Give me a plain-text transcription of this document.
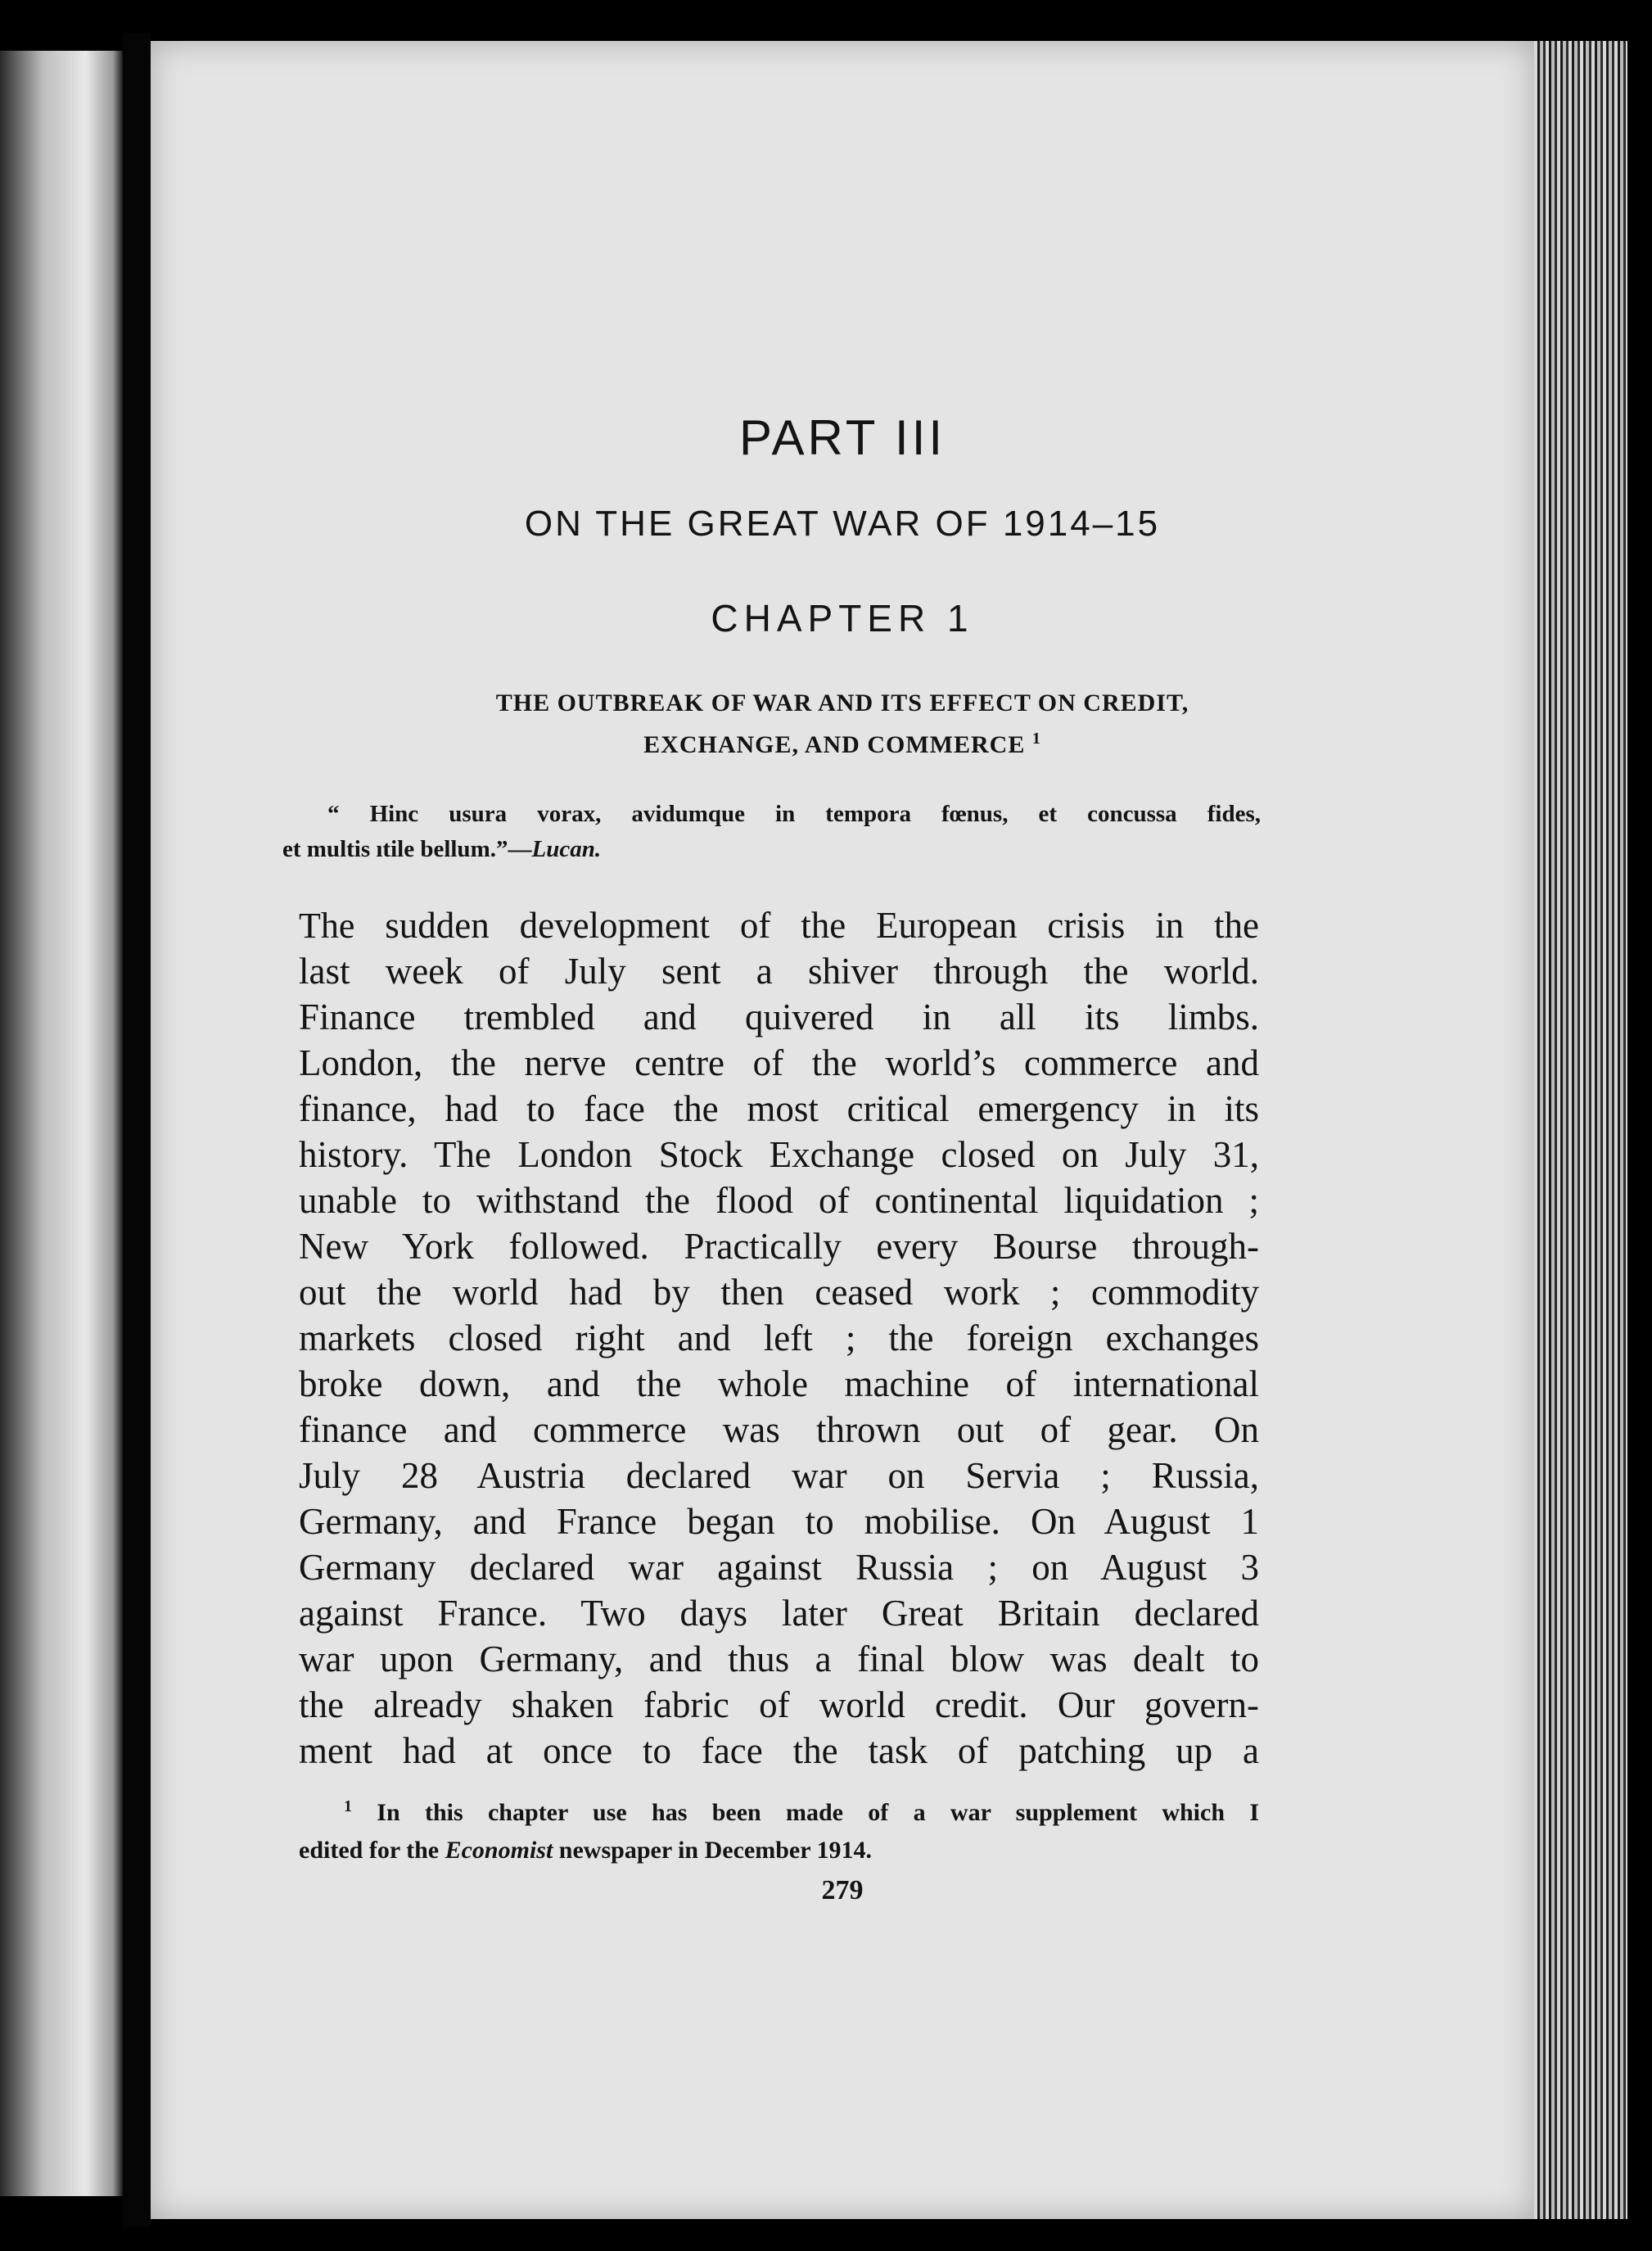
PART III
ON THE GREAT WAR OF 1914–15
CHAPTER 1
THE OUTBREAK OF WAR AND ITS EFFECT ON CREDIT,
EXCHANGE, AND COMMERCE $^1$
“ Hinc usura vorax, avidumque in tempora fœnus, et concussa fides,
et multis ıtile bellum.”—Lucan.
The sudden development of the European crisis in the
last week of July sent a shiver through the world.
Finance trembled and quivered in all its limbs.
London, the nerve centre of the world’s commerce and
finance, had to face the most critical emergency in its
history. The London Stock Exchange closed on July 31,
unable to withstand the flood of continental liquidation ;
New York followed. Practically every Bourse through-
out the world had by then ceased work ; commodity
markets closed right and left ; the foreign exchanges
broke down, and the whole machine of international
finance and commerce was thrown out of gear. On
July 28 Austria declared war on Servia ; Russia,
Germany, and France began to mobilise. On August 1
Germany declared war against Russia ; on August 3
against France. Two days later Great Britain declared
war upon Germany, and thus a final blow was dealt to
the already shaken fabric of world credit. Our govern-
ment had at once to face the task of patching up a
$^1$ In this chapter use has been made of a war supplement which I
edited for the Economist newspaper in December 1914.
279
